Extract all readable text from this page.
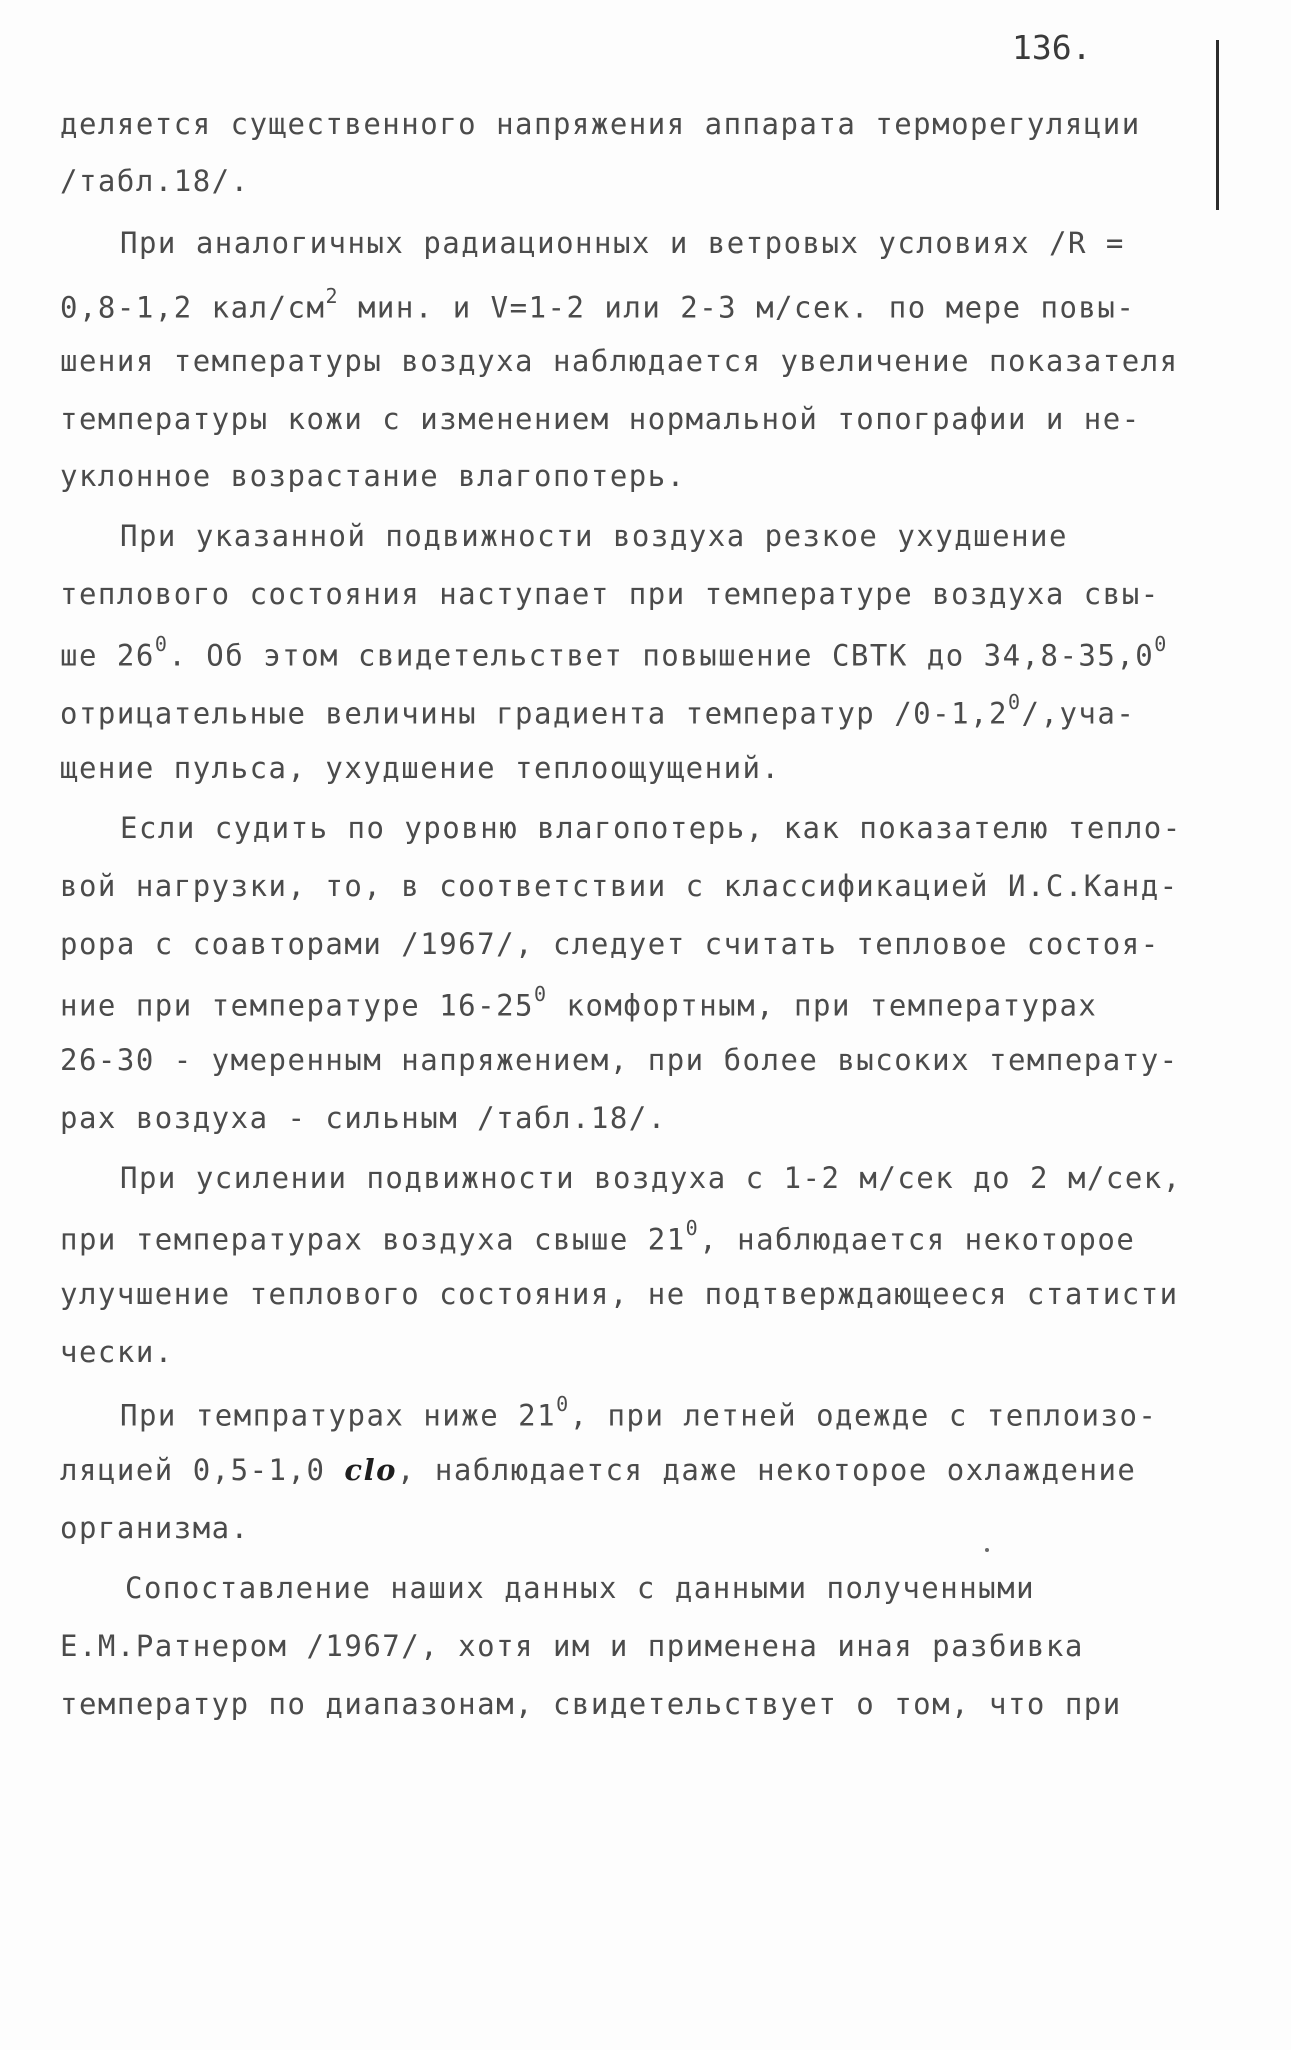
136.
деляется существенного напряжения аппарата терморегуляции
/табл.18/.
При аналогичных радиационных и ветровых условиях /R =
0,8-1,2 кал/$см^2$ мин. и V=1-2 или 2-3 м/сек. по мере повы-
шения температуры воздуха наблюдается увеличение показателя
температуры кожи с изменением нормальной топографии и не-
уклонное возрастание влагопотерь.
При указанной подвижности воздуха резкое ухудшение
теплового состояния наступает при температуре воздуха свы-
ше $26^0$. Об этом свидетельствет повышение СВТК до 34,8-35,0$^0$
отрицательные величины градиента температур $/0-1,2^0/,уча-$
щение пульса, ухудшение теплоощущений.
Если судить по уровню влагопотерь, как показателю тепло-
вой нагрузки, то, в соответствии с классификацией И.С.Канд-
рора с соавторами /1967/, следует считать тепловое состоя-
ние при температуре $16-25^0$ комфортным, при температурах
26-30 - умеренным напряжением, при более высоких температу-
рах воздуха - сильным /табл.18/.
При усилении подвижности воздуха с 1-2 м/сек до 2 м/сек,
при температурах воздуха свыше $21^0$, наблюдается некоторое
улучшение теплового состояния, не подтверждающееся статисти
чески.
При темпратурах ниже $21^0$, при летней одежде с теплоизо-
ляцией 0,5-1,0 clo, наблюдается даже некоторое охлаждение
организма.
Сопоставление наших данных с данными полученными
Е.М.Ратнером /1967/, хотя им и применена иная разбивка
температур по диапазонам, свидетельствует о том, что при
